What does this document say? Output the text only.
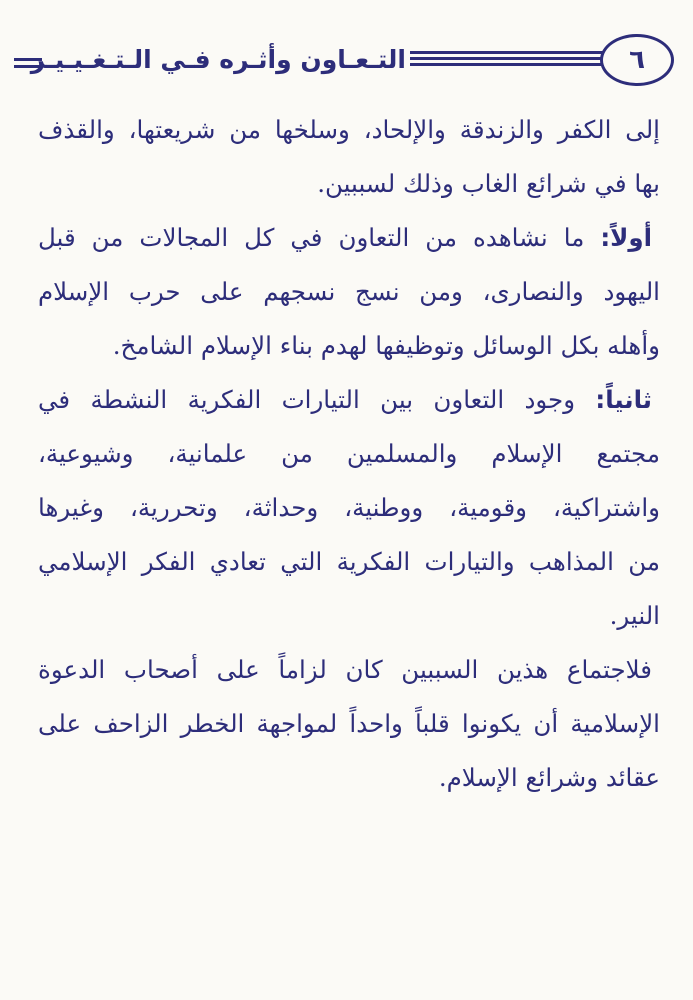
التـعـاون وأثـره فـي الـتـغـيـيـر	٦
إلى الكفر والزندقة والإلحاد، وسلخها من شريعتها، والقذف
بها في شرائع الغاب وذلك لسببين.
أولاً: ما نشاهده من التعاون في كل المجالات من قبل
اليهود والنصارى، ومن نسج نسجهم على حرب الإسلام
وأهله بكل الوسائل وتوظيفها لهدم بناء الإسلام الشامخ.
ثانياً: وجود التعاون بين التيارات الفكرية النشطة في
مجتمع الإسلام والمسلمين من علمانية، وشيوعية،
واشتراكية، وقومية، ووطنية، وحداثة، وتحررية، وغيرها
من المذاهب والتيارات الفكرية التي تعادي الفكر الإسلامي
النير.
فلاجتماع هذين السببين كان لزاماً على أصحاب الدعوة
الإسلامية أن يكونوا قلباً واحداً لمواجهة الخطر الزاحف على
عقائد وشرائع الإسلام.
